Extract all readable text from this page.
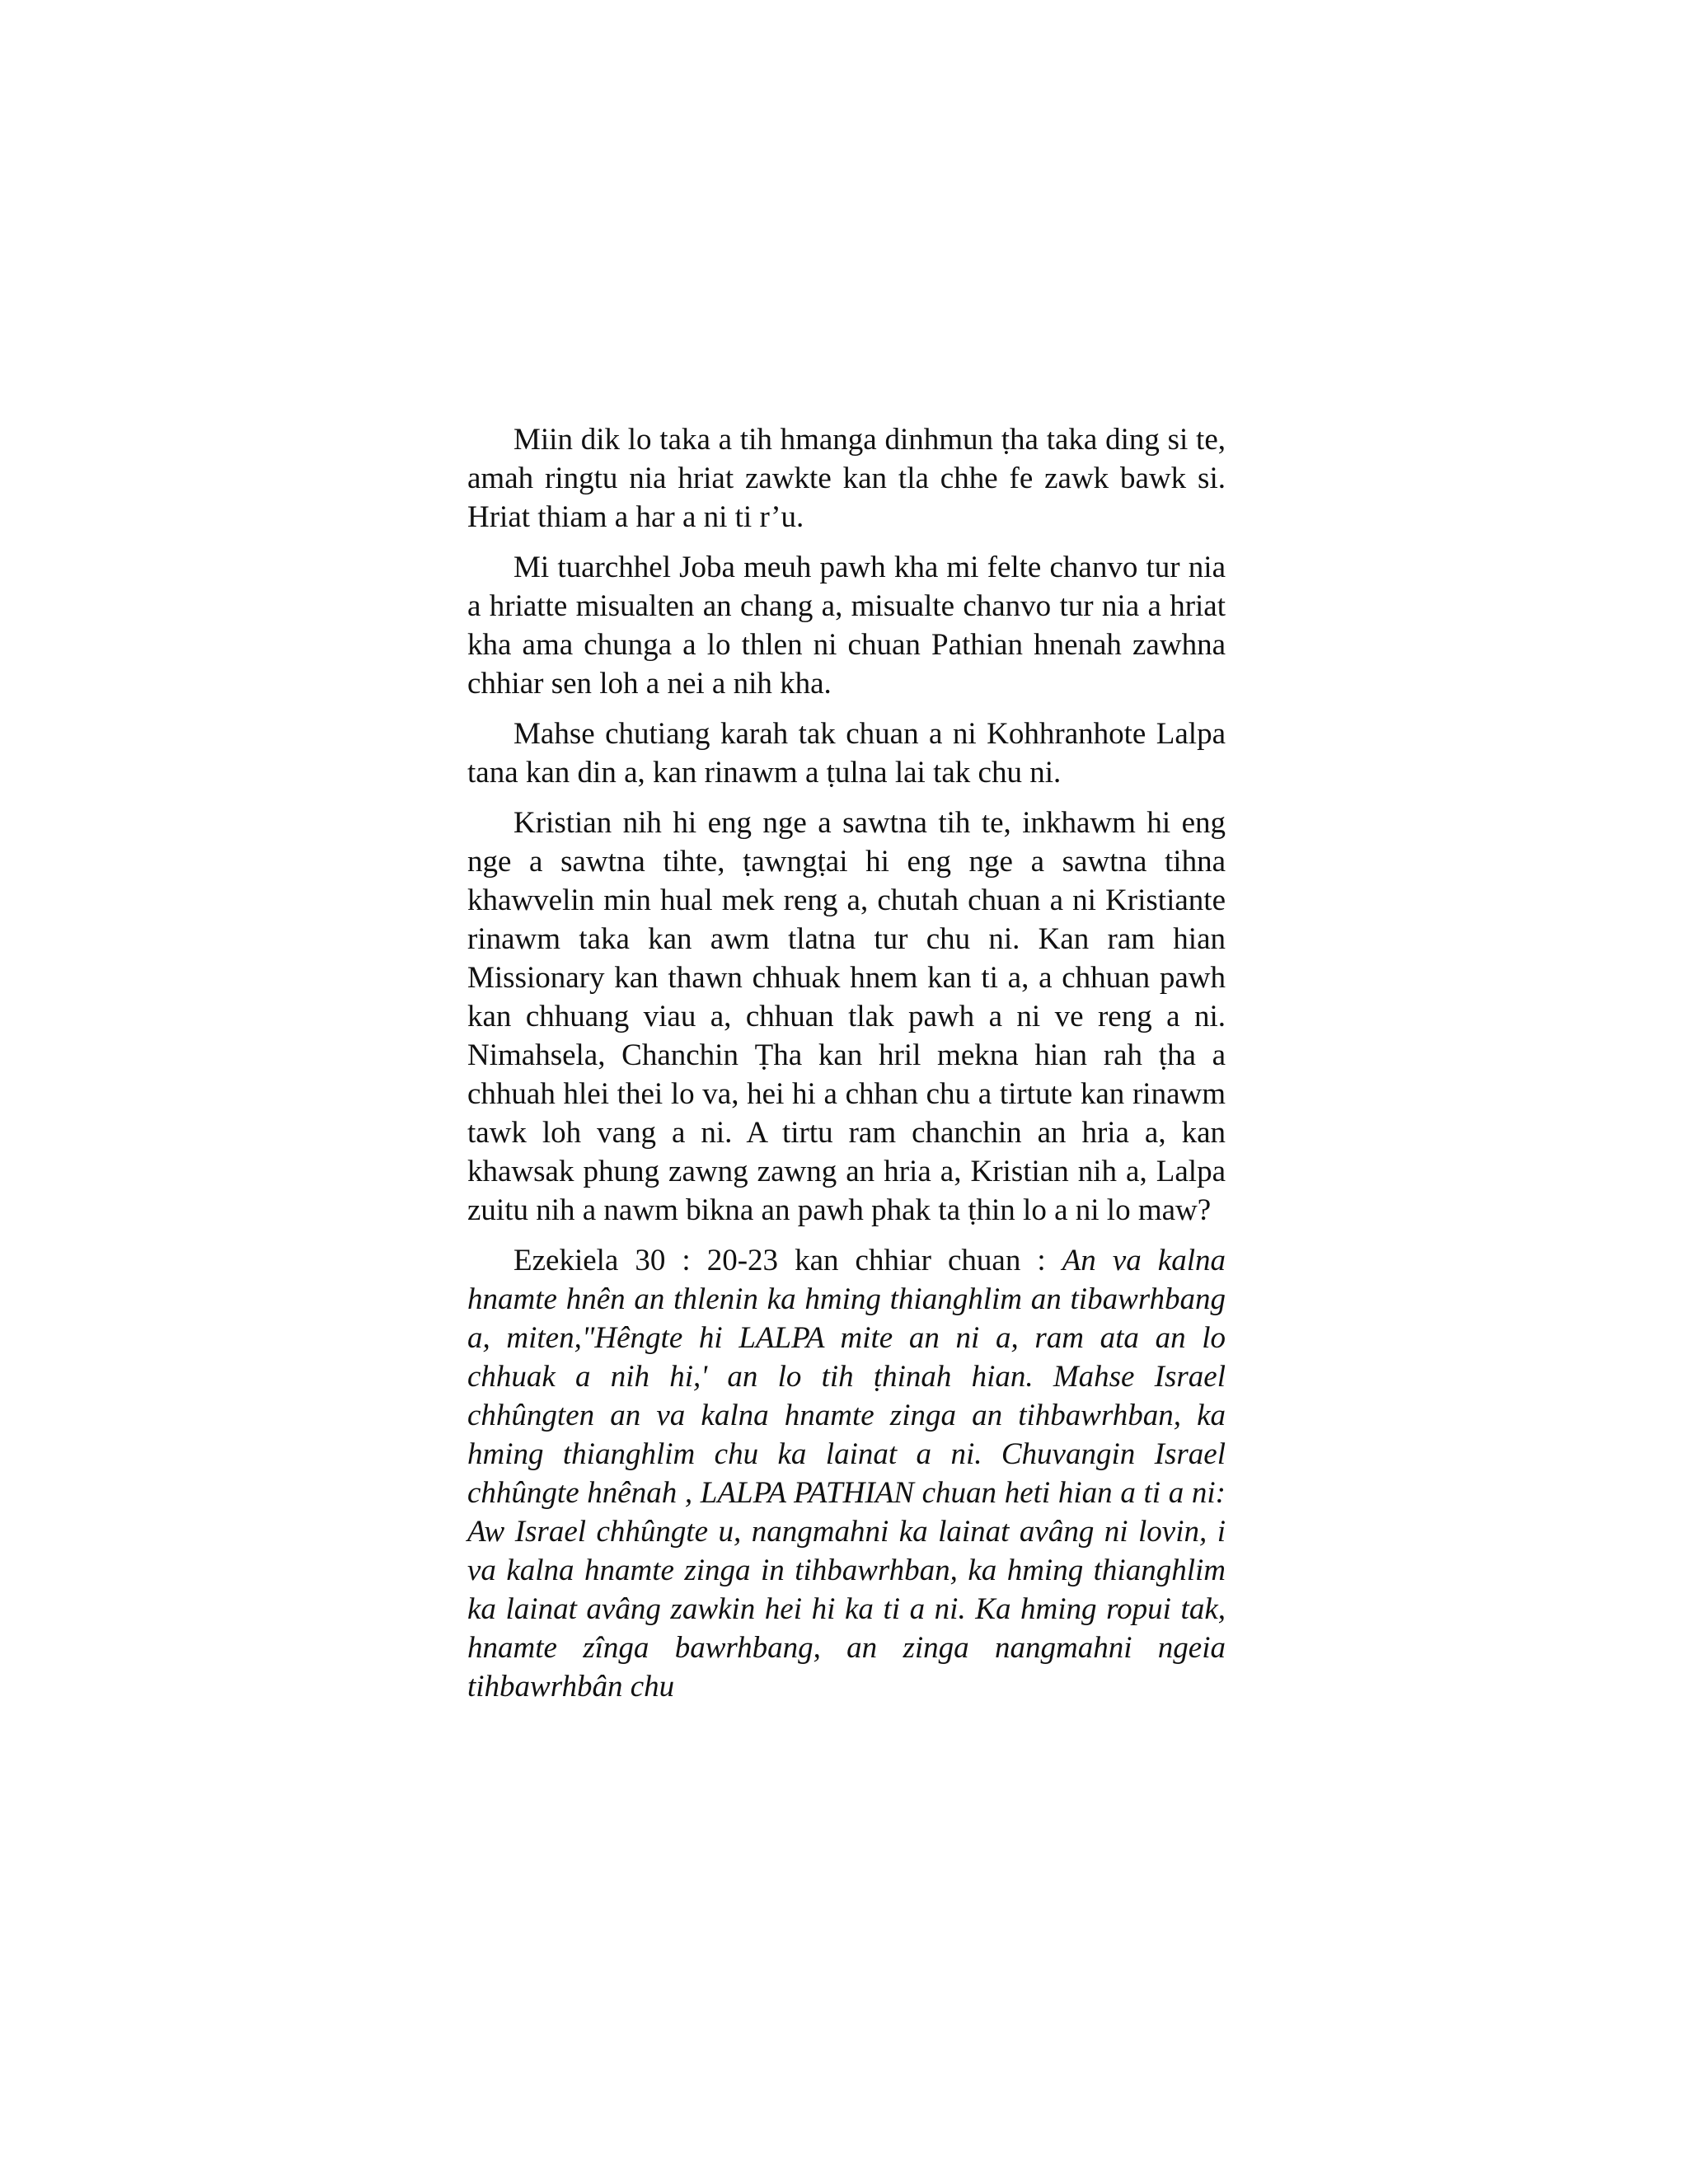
Miin dik lo taka a tih hmanga dinhmun ṭha taka ding si te, amah ringtu nia hriat zawkte kan tla chhe fe zawk bawk si. Hriat thiam a har a ni ti r’u.

Mi tuarchhel Joba meuh pawh kha mi felte chanvo tur nia a hriatte misualten an chang a, misualte chanvo tur nia a hriat kha ama chunga a lo thlen ni chuan Pathian hnenah zawhna chhiar sen loh a nei a nih kha.

Mahse chutiang karah tak chuan a ni Kohhranhote Lalpa tana kan din a, kan rinawm a ṭulna lai tak chu ni.

Kristian nih hi eng nge a sawtna tih te, inkhawm hi eng nge a sawtna tihte, ṭawngṭai hi eng nge a sawtna tihna khawvelin min hual mek reng a, chutah chuan a ni Kristiante rinawm taka kan awm tlatna tur chu ni. Kan ram hian Missionary kan thawn chhuak hnem kan ti a, a chhuan pawh kan chhuang viau a, chhuan tlak pawh a ni ve reng a ni. Nimahsela, Chanchin Ṭha kan hril mekna hian rah ṭha a chhuah hlei thei lo va, hei hi a chhan chu a tirtute kan rinawm tawk loh vang a ni. A tirtu ram chanchin an hria a, kan khawsak phung zawng zawng an hria a, Kristian nih a, Lalpa zuitu nih a nawm bikna an pawh phak ta ṭhin lo a ni lo maw?

Ezekiela 30 : 20-23 kan chhiar chuan : An va kalna hnamte hnên an thlenin ka hming thianghlim an tibawrhbang a, miten,"Hêngte hi LALPA mite an ni a, ram ata an lo chhuak a nih hi,' an lo tih ṭhinah hian. Mahse Israel chhûngten an va kalna hnamte zinga an tihbawrhban, ka hming thianghlim chu ka lainat a ni. Chuvangin Israel chhûngte hnênah , LALPA PATHIAN chuan heti hian a ti a ni: Aw Israel chhûngte u, nangmahni ka lainat avâng ni lovin, i va kalna hnamte zinga in tihbawrhban, ka hming thianghlim ka lainat avâng zawkin hei hi ka ti a ni. Ka hming ropui tak, hnamte zînga bawrhbang, an zinga nangmahni ngeia tihbawrhbân chu
